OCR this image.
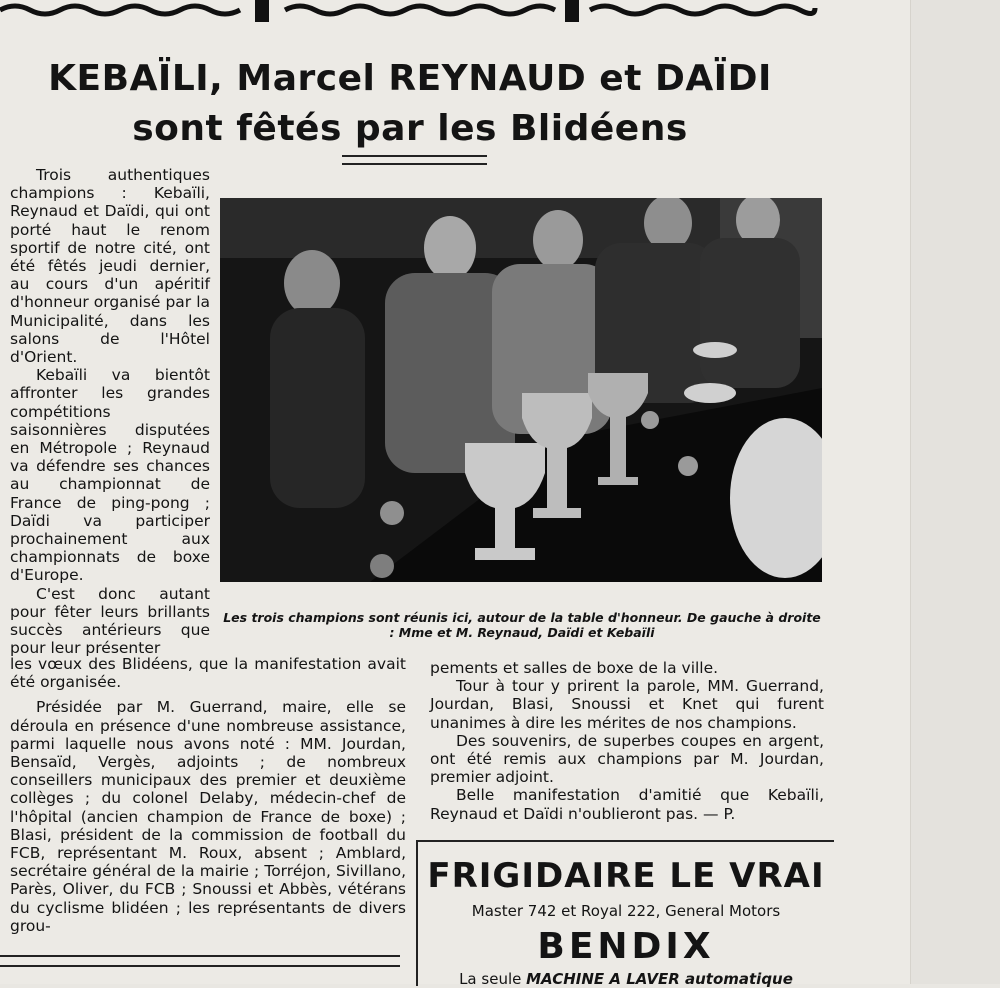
KEBAÏLI, Marcel REYNAUD et DAÏDI
sont fêtés par les Blidéens

Trois authentiques champions : Kebaïli, Reynaud et Daïdi, qui ont porté haut le renom sportif de notre cité, ont été fêtés jeudi dernier, au cours d'un apéritif d'honneur organisé par la Municipalité, dans les salons de l'Hôtel d'Orient.

Kebaïli va bientôt affronter les grandes compétitions saisonnières disputées en Métropole ; Reynaud va défendre ses chances au championnat de France de ping-pong ; Daïdi va participer prochainement aux championnats de boxe d'Europe.

C'est donc autant pour fêter leurs brillants succès antérieurs que pour leur présenter

Les trois champions sont réunis ici, autour de la table d'honneur. De gauche à droite : Mme et M. Reynaud, Daïdi et Kebaïli

les vœux des Blidéens, que la manifestation avait été organisée.

Présidée par M. Guerrand, maire, elle se déroula en présence d'une nombreuse assistance, parmi laquelle nous avons noté : MM. Jourdan, Bensaïd, Vergès, adjoints ; de nombreux conseillers municipaux des premier et deuxième collèges ; du colonel Delaby, médecin-chef de l'hôpital (ancien champion de France de boxe) ; Blasi, président de la commission de football du FCB, représentant M. Roux, absent ; Amblard, secrétaire général de la mairie ; Torréjon, Sivillano, Parès, Oliver, du FCB ; Snoussi et Abbès, vétérans du cyclisme blidéen ; les représentants de divers grou-

pements et salles de boxe de la ville.

Tour à tour y prirent la parole, MM. Guerrand, Jourdan, Blasi, Snoussi et Knet qui furent unanimes à dire les mérites de nos champions.

Des souvenirs, de superbes coupes en argent, ont été remis aux champions par M. Jourdan, premier adjoint.

Belle manifestation d'amitié que Kebaïli, Reynaud et Daïdi n'oublieront pas. — P.

FRIGIDAIRE LE VRAI
Master 742 et Royal 222, General Motors
BENDIX
La seule MACHINE A LAVER automatique
